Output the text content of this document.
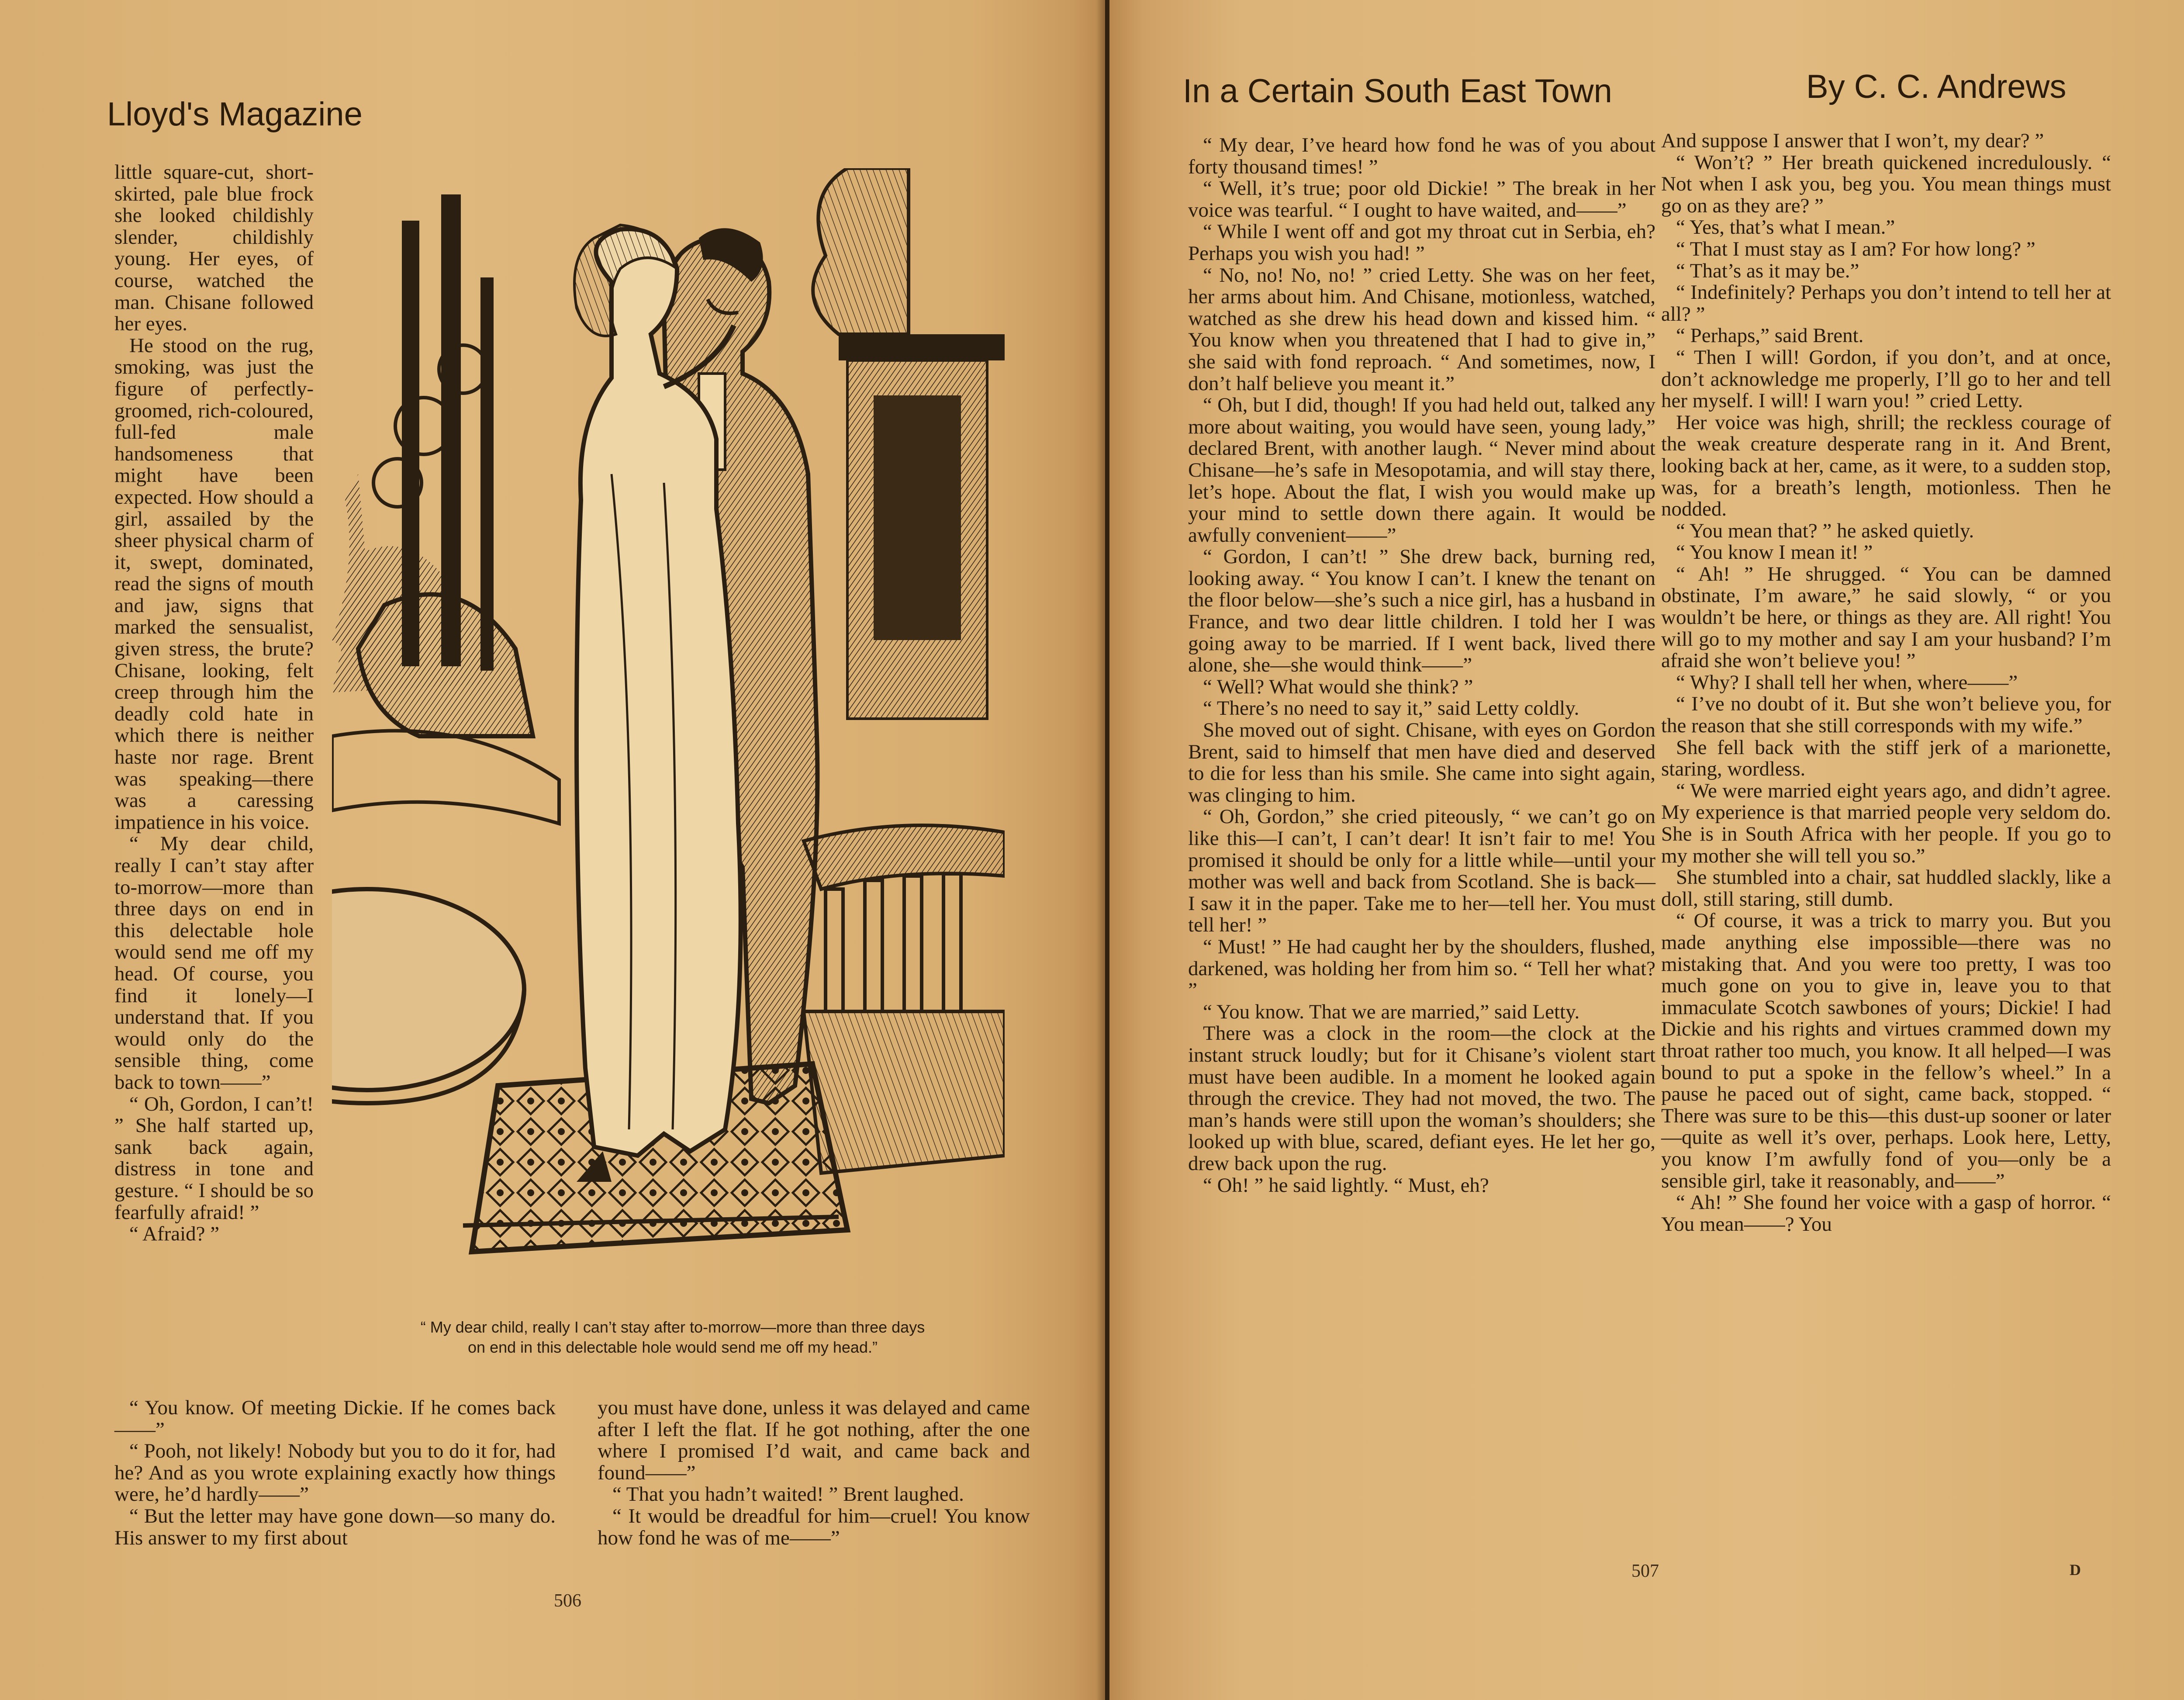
Lloyd's Magazine

little square-cut, short-skirted, pale blue frock she looked childishly slender, childishly young. Her eyes, of course, watched the man. Chisane followed her eyes.

He stood on the rug, smoking, was just the figure of perfectly-groomed, rich-coloured, full-fed male handsomeness that might have been expected. How should a girl, assailed by the sheer physical charm of it, swept, dominated, read the signs of mouth and jaw, signs that marked the sensualist, given stress, the brute? Chisane, looking, felt creep through him the deadly cold hate in which there is neither haste nor rage. Brent was speaking—there was a caressing impatience in his voice.

“ My dear child, really I can’t stay after to-morrow—more than three days on end in this delectable hole would send me off my head. Of course, you find it lonely—I understand that. If you would only do the sensible thing, come back to town——”

“ Oh, Gordon, I can’t! ” She half started up, sank back again, distress in tone and gesture. “ I should be so fearfully afraid! ”

“ Afraid? ”

“ My dear child, really I can’t stay after to-morrow—more than three days
on end in this delectable hole would send me off my head.”

“ You know. Of meeting Dickie. If he comes back——”

“ Pooh, not likely! Nobody but you to do it for, had he? And as you wrote explaining exactly how things were, he’d hardly——”

“ But the letter may have gone down—so many do. His answer to my first about

you must have done, unless it was delayed and came after I left the flat. If he got nothing, after the one where I promised I’d wait, and came back and found——”

“ That you hadn’t waited! ” Brent laughed.

“ It would be dreadful for him—cruel! You know how fond he was of me——”

506
In a Certain South East Town	By C. C. Andrews

“ My dear, I’ve heard how fond he was of you about forty thousand times! ”

“ Well, it’s true; poor old Dickie! ” The break in her voice was tearful. “ I ought to have waited, and——”

“ While I went off and got my throat cut in Serbia, eh? Perhaps you wish you had! ”

“ No, no! No, no! ” cried Letty. She was on her feet, her arms about him. And Chisane, motionless, watched, watched as she drew his head down and kissed him. “ You know when you threatened that I had to give in,” she said with fond reproach. “ And sometimes, now, I don’t half believe you meant it.”

“ Oh, but I did, though! If you had held out, talked any more about waiting, you would have seen, young lady,” declared Brent, with another laugh. “ Never mind about Chisane—he’s safe in Mesopotamia, and will stay there, let’s hope. About the flat, I wish you would make up your mind to settle down there again. It would be awfully convenient——”

“ Gordon, I can’t! ” She drew back, burning red, looking away. “ You know I can’t. I knew the tenant on the floor below—she’s such a nice girl, has a husband in France, and two dear little children. I told her I was going away to be married. If I went back, lived there alone, she—she would think——”

“ Well? What would she think? ”

“ There’s no need to say it,” said Letty coldly.

She moved out of sight. Chisane, with eyes on Gordon Brent, said to himself that men have died and deserved to die for less than his smile. She came into sight again, was clinging to him.

“ Oh, Gordon,” she cried piteously, “ we can’t go on like this—I can’t, I can’t dear! It isn’t fair to me! You promised it should be only for a little while—until your mother was well and back from Scotland. She is back—I saw it in the paper. Take me to her—tell her. You must tell her! ”

“ Must! ” He had caught her by the shoulders, flushed, darkened, was holding her from him so. “ Tell her what? ”

“ You know. That we are married,” said Letty.

There was a clock in the room—the clock at the instant struck loudly; but for it Chisane’s violent start must have been audible. In a moment he looked again through the crevice. They had not moved, the two. The man’s hands were still upon the woman’s shoulders; she looked up with blue, scared, defiant eyes. He let her go, drew back upon the rug.

“ Oh! ” he said lightly. “ Must, eh?

And suppose I answer that I won’t, my dear? ”

“ Won’t? ” Her breath quickened incredulously. “ Not when I ask you, beg you. You mean things must go on as they are? ”

“ Yes, that’s what I mean.”

“ That I must stay as I am? For how long? ”

“ That’s as it may be.”

“ Indefinitely? Perhaps you don’t intend to tell her at all? ”

“ Perhaps,” said Brent.

“ Then I will! Gordon, if you don’t, and at once, don’t acknowledge me properly, I’ll go to her and tell her myself. I will! I warn you! ” cried Letty.

Her voice was high, shrill; the reckless courage of the weak creature desperate rang in it. And Brent, looking back at her, came, as it were, to a sudden stop, was, for a breath’s length, motionless. Then he nodded.

“ You mean that? ” he asked quietly.

“ You know I mean it! ”

“ Ah! ” He shrugged. “ You can be damned obstinate, I’m aware,” he said slowly, “ or you wouldn’t be here, or things as they are. All right! You will go to my mother and say I am your husband? I’m afraid she won’t believe you! ”

“ Why? I shall tell her when, where——”

“ I’ve no doubt of it. But she won’t believe you, for the reason that she still corresponds with my wife.”

She fell back with the stiff jerk of a marionette, staring, wordless.

“ We were married eight years ago, and didn’t agree. My experience is that married people very seldom do. She is in South Africa with her people. If you go to my mother she will tell you so.”

She stumbled into a chair, sat huddled slackly, like a doll, still staring, still dumb.

“ Of course, it was a trick to marry you. But you made anything else impossible—there was no mistaking that. And you were too pretty, I was too much gone on you to give in, leave you to that immaculate Scotch sawbones of yours; Dickie! I had Dickie and his rights and virtues crammed down my throat rather too much, you know. It all helped—I was bound to put a spoke in the fellow’s wheel.” In a pause he paced out of sight, came back, stopped. “ There was sure to be this—this dust-up sooner or later—quite as well it’s over, perhaps. Look here, Letty, you know I’m awfully fond of you—only be a sensible girl, take it reasonably, and——”

“ Ah! ” She found her voice with a gasp of horror. “ You mean——? You

507	D
